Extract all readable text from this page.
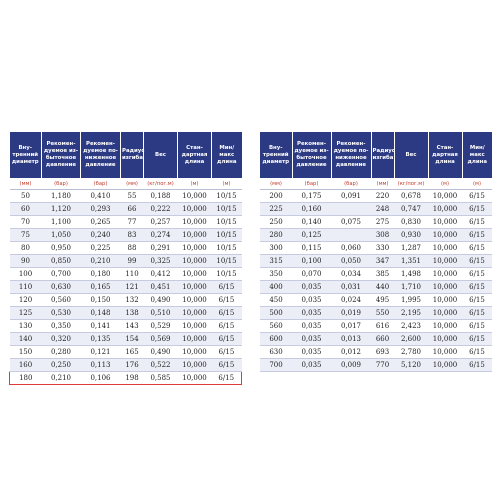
Вну-
тренний
диаметр	Рекомен-
дуемое из-
быточное
давление	Рекомен-
дуемое по-
ниженное
давление	Радиус
изгиба	Вес	Стан-
дартная
длина	Мин/
макс
длина
(мм)	(бар)	(бар)	(мм)	(кг/пог.м)	(м)	(м)
50	1,180	0,410	55	0,188	10,000	10/15
60	1,120	0,293	66	0,222	10,000	10/15
70	1,100	0,265	77	0,257	10,000	10/15
75	1,050	0,240	83	0,274	10,000	10/15
80	0,950	0,225	88	0,291	10,000	10/15
90	0,850	0,210	99	0,325	10,000	10/15
100	0,700	0,180	110	0,412	10,000	10/15
110	0,630	0,165	121	0,451	10,000	6/15
120	0,560	0,150	132	0,490	10,000	6/15
125	0,530	0,148	138	0,510	10,000	6/15
130	0,350	0,141	143	0,529	10,000	6/15
140	0,320	0,135	154	0,569	10,000	6/15
150	0,280	0,121	165	0,490	10,000	6/15
160	0,250	0,113	176	0,522	10,000	6/15
180	0,210	0,106	198	0,585	10,000	6/15
Вну-
тренний
диаметр	Рекомен-
дуемое из-
быточное
давление	Рекомен-
дуемое по-
ниженное
давление	Радиус
изгиба	Вес	Стан-
дартная
длина	Мин/
макс
длина
(мм)	(бар)	(бар)	(мм)	(кг/пог.м)	(м)	(м)
200	0,175	0,091	220	0,678	10,000	6/15
225	0,160		248	0,747	10,000	6/15
250	0,140	0,075	275	0,830	10,000	6/15
280	0,125		308	0,930	10,000	6/15
300	0,115	0,060	330	1,287	10,000	6/15
315	0,100	0,050	347	1,351	10,000	6/15
350	0,070	0,034	385	1,498	10,000	6/15
400	0,035	0,031	440	1,710	10,000	6/15
450	0,035	0,024	495	1,995	10,000	6/15
500	0,035	0,019	550	2,195	10,000	6/15
560	0,035	0,017	616	2,423	10,000	6/15
600	0,035	0,013	660	2,600	10,000	6/15
630	0,035	0,012	693	2,780	10,000	6/15
700	0,035	0,009	770	5,120	10,000	6/15
